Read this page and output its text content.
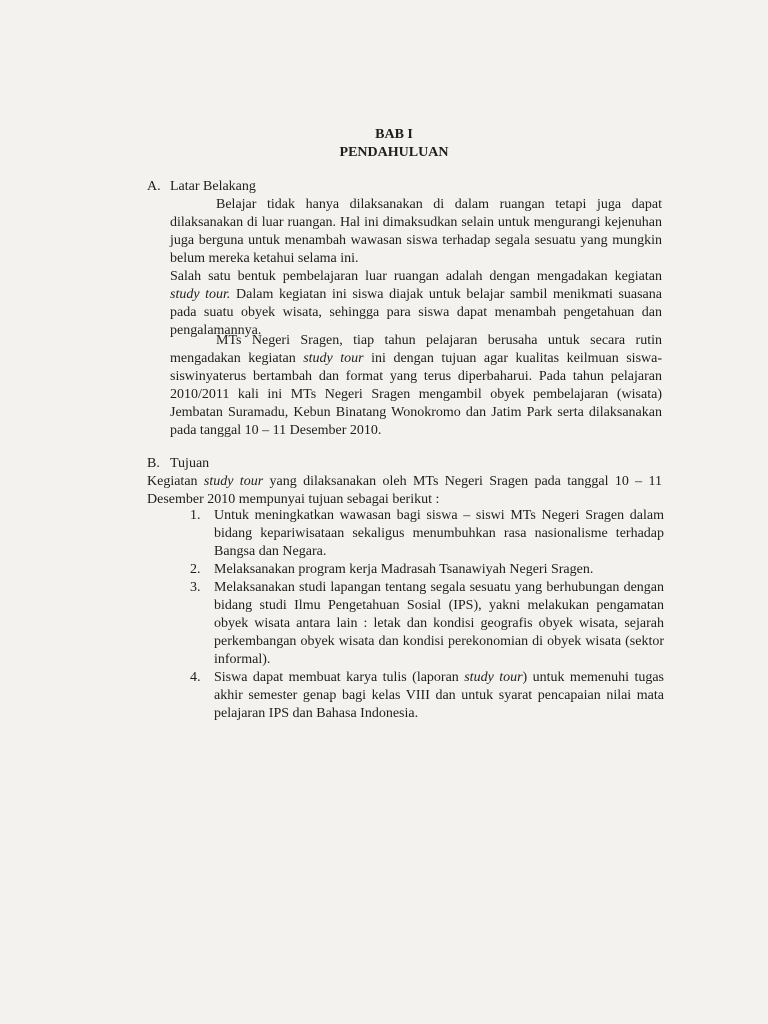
BAB I
PENDAHULUAN
A. Latar Belakang
Belajar tidak hanya dilaksanakan di dalam ruangan tetapi juga dapat dilaksanakan di luar ruangan. Hal ini dimaksudkan selain untuk mengurangi kejenuhan juga berguna untuk menambah wawasan siswa terhadap segala sesuatu yang mungkin belum mereka ketahui selama ini.
Salah satu bentuk pembelajaran luar ruangan adalah dengan mengadakan kegiatan study tour. Dalam kegiatan ini siswa diajak untuk belajar sambil menikmati suasana pada suatu obyek wisata, sehingga para siswa dapat menambah pengetahuan dan pengalamannya.
MTs Negeri Sragen, tiap tahun pelajaran berusaha untuk secara rutin mengadakan kegiatan study tour ini dengan tujuan agar kualitas keilmuan siswa-siswinyaterus bertambah dan format yang terus diperbaharui. Pada tahun pelajaran 2010/2011 kali ini MTs Negeri Sragen mengambil obyek pembelajaran (wisata) Jembatan Suramadu, Kebun Binatang Wonokromo dan Jatim Park serta dilaksanakan pada tanggal 10 – 11 Desember 2010.
B. Tujuan
Kegiatan study tour yang dilaksanakan oleh MTs Negeri Sragen pada tanggal 10 – 11 Desember 2010 mempunyai tujuan sebagai berikut :
1. Untuk meningkatkan wawasan bagi siswa – siswi MTs Negeri Sragen dalam bidang kepariwisataan sekaligus menumbuhkan rasa nasionalisme terhadap Bangsa dan Negara.
2. Melaksanakan program kerja Madrasah Tsanawiyah Negeri Sragen.
3. Melaksanakan studi lapangan tentang segala sesuatu yang berhubungan dengan bidang studi Ilmu Pengetahuan Sosial (IPS), yakni melakukan pengamatan obyek wisata antara lain : letak dan kondisi geografis obyek wisata, sejarah perkembangan obyek wisata dan kondisi perekonomian di obyek wisata (sektor informal).
4. Siswa dapat membuat karya tulis (laporan study tour) untuk memenuhi tugas akhir semester genap bagi kelas VIII dan untuk syarat pencapaian nilai mata pelajaran IPS dan Bahasa Indonesia.
